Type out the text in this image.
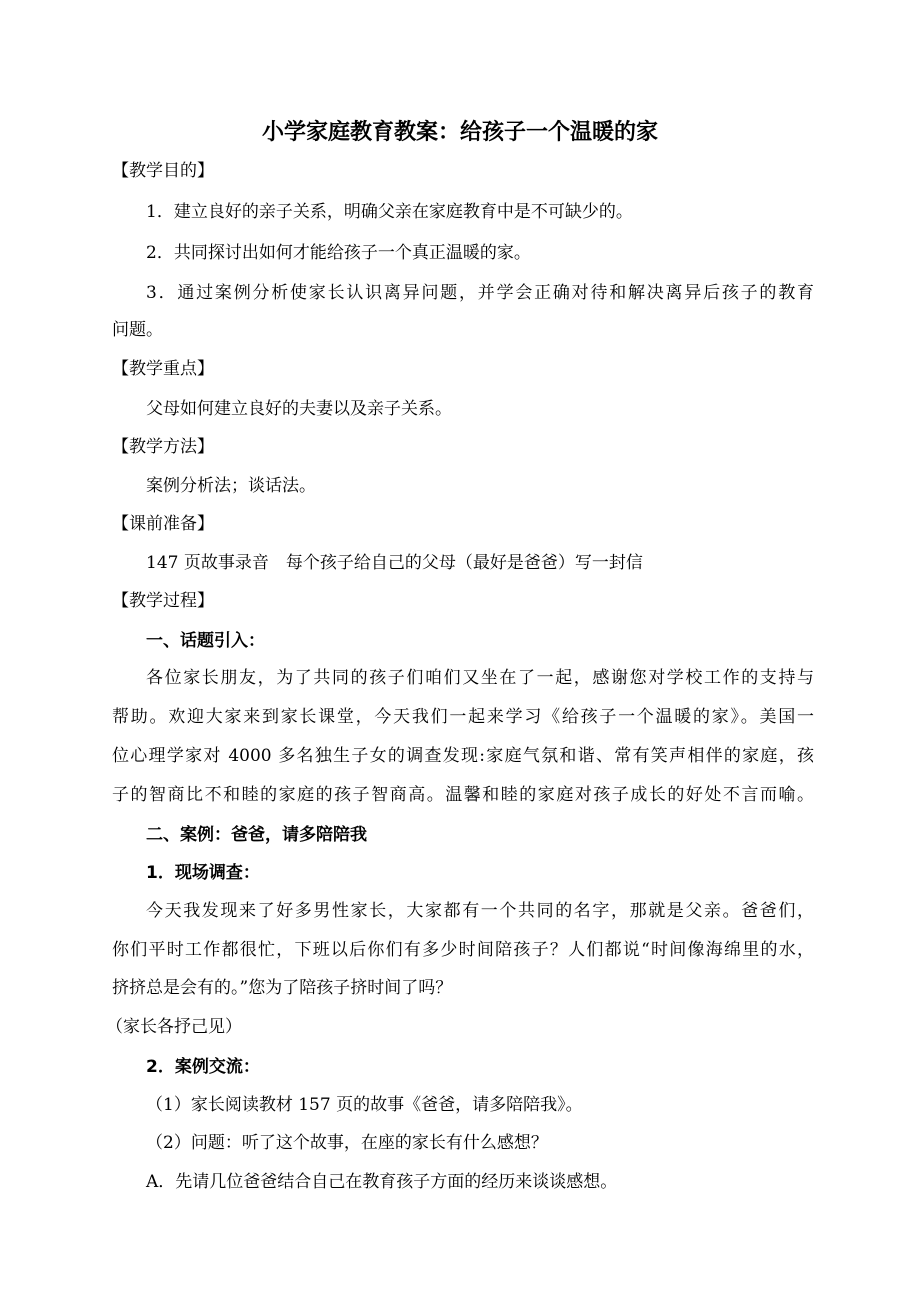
小学家庭教育教案：给孩子一个温暖的家

【教学目的】

1．建立良好的亲子关系，明确父亲在家庭教育中是不可缺少的。

2．共同探讨出如何才能给孩子一个真正温暖的家。

3．通过案例分析使家长认识离异问题，并学会正确对待和解决离异后孩子的教育

问题。

【教学重点】

父母如何建立良好的夫妻以及亲子关系。

【教学方法】

案例分析法；谈话法。

【课前准备】

147 页故事录音　每个孩子给自己的父母（最好是爸爸）写一封信

【教学过程】

一、话题引入：

各位家长朋友，为了共同的孩子们咱们又坐在了一起，感谢您对学校工作的支持与

帮助。欢迎大家来到家长课堂，今天我们一起来学习《给孩子一个温暖的家》。美国一

位心理学家对 4000 多名独生子女的调查发现:家庭气氛和谐、常有笑声相伴的家庭，孩

子的智商比不和睦的家庭的孩子智商高。温馨和睦的家庭对孩子成长的好处不言而喻。

二、案例：爸爸，请多陪陪我

1．现场调查：

今天我发现来了好多男性家长，大家都有一个共同的名字，那就是父亲。爸爸们，

你们平时工作都很忙，下班以后你们有多少时间陪孩子？人们都说“时间像海绵里的水，

挤挤总是会有的。”您为了陪孩子挤时间了吗？

（家长各抒己见）

2．案例交流：

（1）家长阅读教材 157 页的故事《爸爸，请多陪陪我》。

（2）问题：听了这个故事，在座的家长有什么感想？

A．先请几位爸爸结合自己在教育孩子方面的经历来谈谈感想。
